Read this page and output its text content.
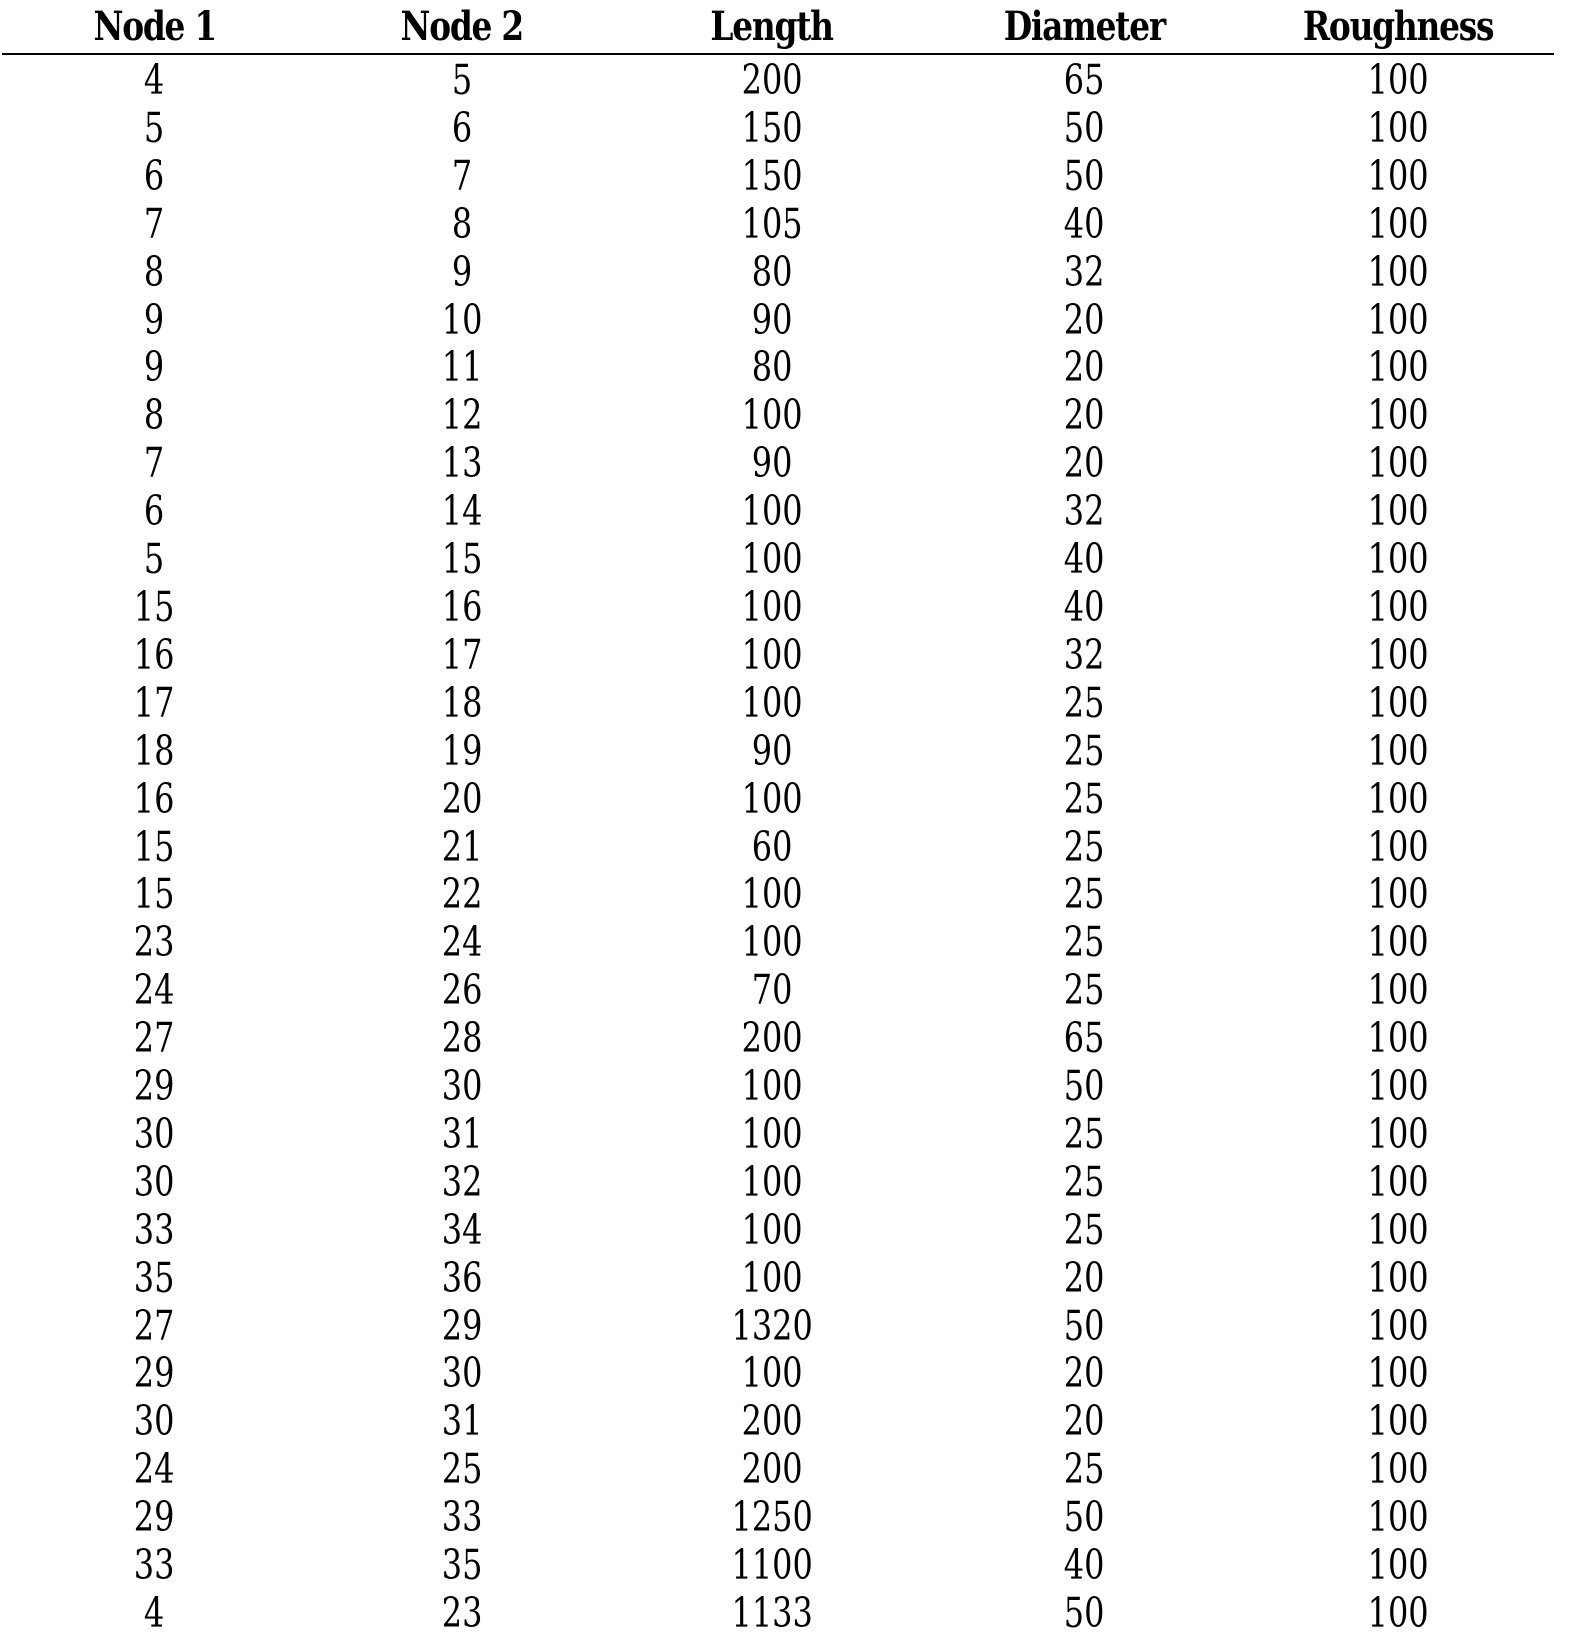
Node 1	Node 2	Length	Diameter	Roughness
4	5	200	65	100
5	6	150	50	100
6	7	150	50	100
7	8	105	40	100
8	9	80	32	100
9	10	90	20	100
9	11	80	20	100
8	12	100	20	100
7	13	90	20	100
6	14	100	32	100
5	15	100	40	100
15	16	100	40	100
16	17	100	32	100
17	18	100	25	100
18	19	90	25	100
16	20	100	25	100
15	21	60	25	100
15	22	100	25	100
23	24	100	25	100
24	26	70	25	100
27	28	200	65	100
29	30	100	50	100
30	31	100	25	100
30	32	100	25	100
33	34	100	25	100
35	36	100	20	100
27	29	1320	50	100
29	30	100	20	100
30	31	200	20	100
24	25	200	25	100
29	33	1250	50	100
33	35	1100	40	100
4	23	1133	50	100
